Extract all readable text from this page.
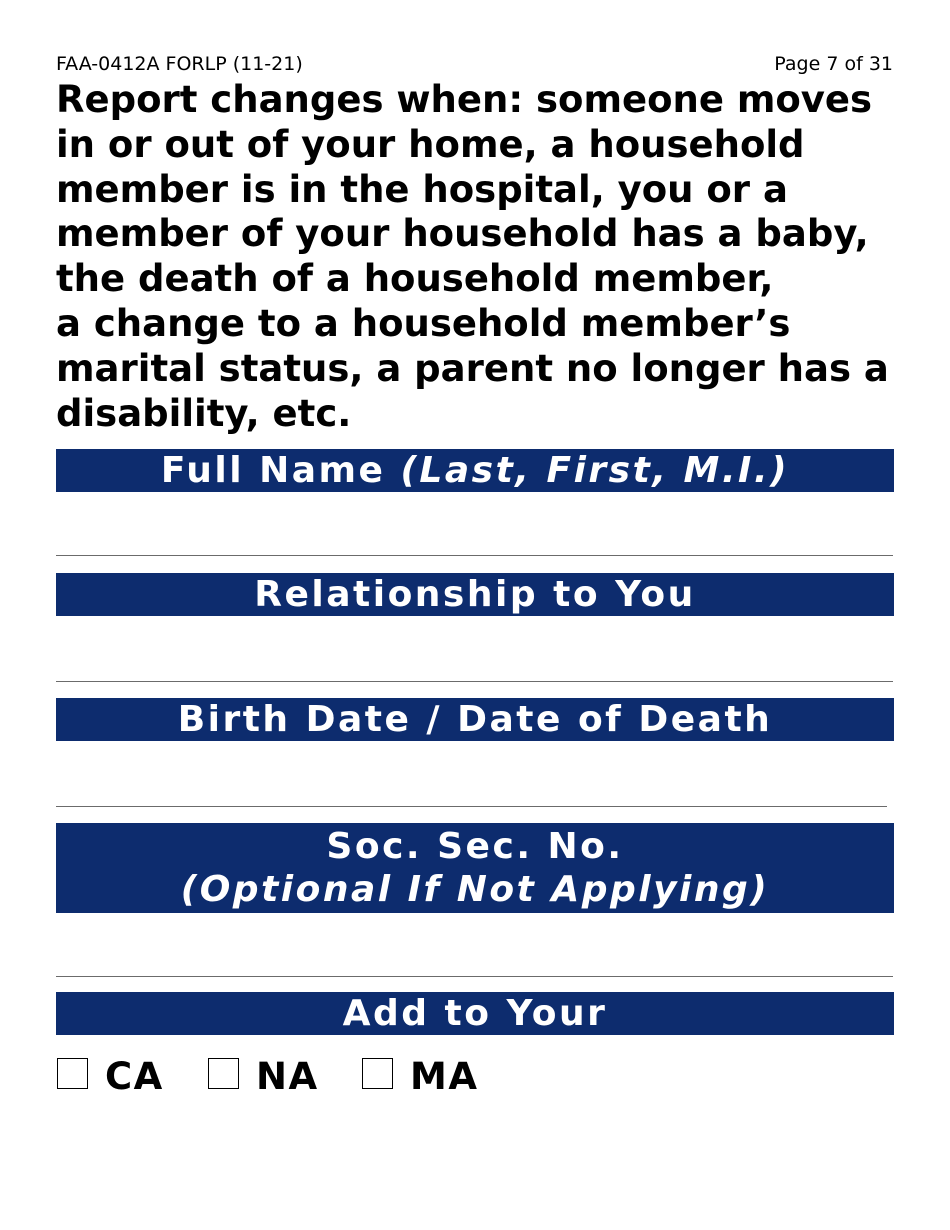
FAA-0412A FORLP (11-21)	Page 7 of 31
Report changes when: someone moves
in or out of your home, a household
member is in the hospital, you or a
member of your household has a baby,
the death of a household member,
a change to a household member’s
marital status, a parent no longer has a
disability, etc.
Full Name (Last, First, M.I.)
Relationship to You
Birth Date / Date of Death
Soc. Sec. No.
(Optional If Not Applying)
Add to Your
CA NA MA
